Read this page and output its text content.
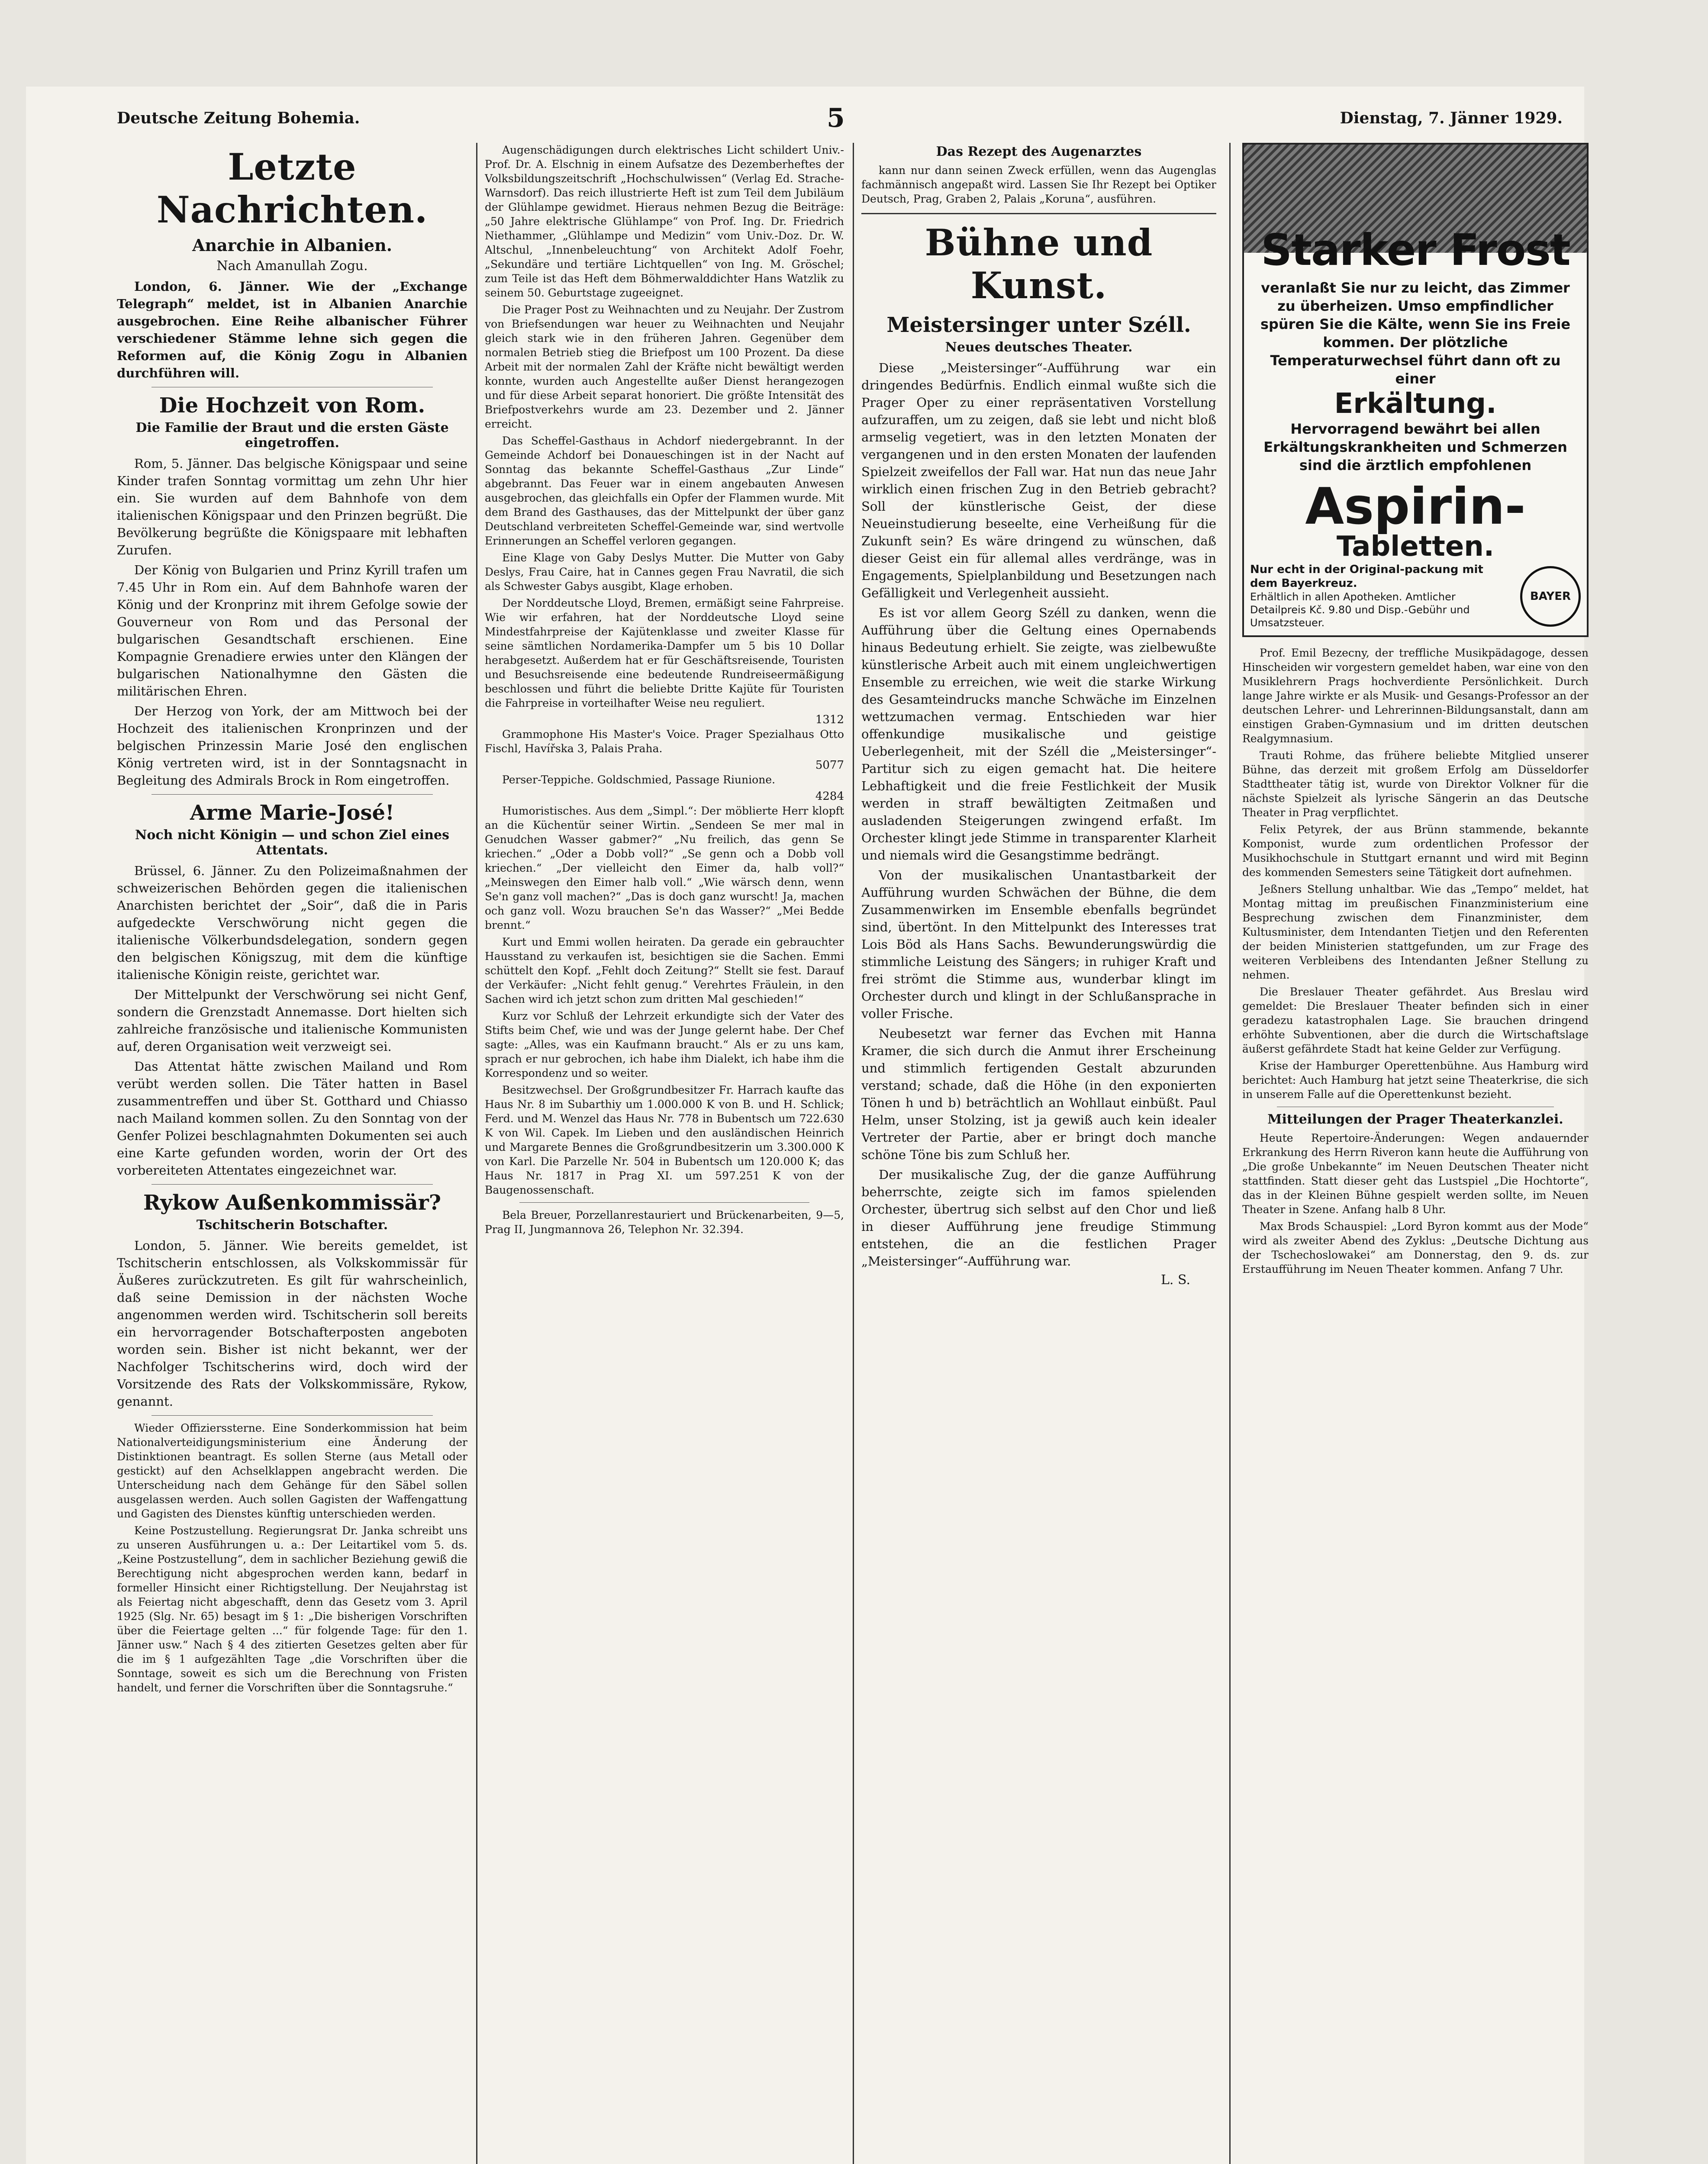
Deutsche Zeitung Bohemia.	5	Dienstag, 7. Jänner 1929.
Letzte Nachrichten.
Anarchie in Albanien.
Nach Amanullah Zogu.

London, 6. Jänner. Wie der „Exchange Telegraph“ meldet, ist in Albanien Anarchie ausgebrochen. Eine Reihe albanischer Führer verschiedener Stämme lehne sich gegen die Reformen auf, die König Zogu in Albanien durchführen will.

Die Hochzeit von Rom.
Die Familie der Braut und die ersten Gäste eingetroffen.

Rom, 5. Jänner. Das belgische Königspaar und seine Kinder trafen Sonntag vormittag um zehn Uhr hier ein. Sie wurden auf dem Bahnhofe von dem italienischen Königspaar und den Prinzen begrüßt. Die Bevölkerung begrüßte die Königspaare mit lebhaften Zurufen.

Der König von Bulgarien und Prinz Kyrill trafen um 7.45 Uhr in Rom ein. Auf dem Bahnhofe waren der König und der Kronprinz mit ihrem Gefolge sowie der Gouverneur von Rom und das Personal der bulgarischen Gesandtschaft erschienen. Eine Kompagnie Grenadiere erwies unter den Klängen der bulgarischen Nationalhymne den Gästen die militärischen Ehren.

Der Herzog von York, der am Mittwoch bei der Hochzeit des italienischen Kronprinzen und der belgischen Prinzessin Marie José den englischen König vertreten wird, ist in der Sonntagsnacht in Begleitung des Admirals Brock in Rom eingetroffen.

Arme Marie-José!
Noch nicht Königin — und schon Ziel eines Attentats.

Brüssel, 6. Jänner. Zu den Polizeimaßnahmen der schweizerischen Behörden gegen die italienischen Anarchisten berichtet der „Soir“, daß die in Paris aufgedeckte Verschwörung nicht gegen die italienische Völkerbundsdelegation, sondern gegen den belgischen Königszug, mit dem die künftige italienische Königin reiste, gerichtet war.

Der Mittelpunkt der Verschwörung sei nicht Genf, sondern die Grenzstadt Annemasse. Dort hielten sich zahlreiche französische und italienische Kommunisten auf, deren Organisation weit verzweigt sei.

Das Attentat hätte zwischen Mailand und Rom verübt werden sollen. Die Täter hatten in Basel zusammentreffen und über St. Gotthard und Chiasso nach Mailand kommen sollen. Zu den Sonntag von der Genfer Polizei beschlagnahmten Dokumenten sei auch eine Karte gefunden worden, worin der Ort des vorbereiteten Attentates eingezeichnet war.

Rykow Außenkommissär?
Tschitscherin Botschafter.

London, 5. Jänner. Wie bereits gemeldet, ist Tschitscherin entschlossen, als Volkskommissär für Äußeres zurückzutreten. Es gilt für wahrscheinlich, daß seine Demission in der nächsten Woche angenommen werden wird. Tschitscherin soll bereits ein hervorragender Botschafterposten angeboten worden sein. Bisher ist nicht bekannt, wer der Nachfolger Tschitscherins wird, doch wird der Vorsitzende des Rats der Volkskommissäre, Rykow, genannt.

Wieder Offizierssterne. Eine Sonderkommission hat beim Nationalverteidigungsministerium eine Änderung der Distinktionen beantragt. Es sollen Sterne (aus Metall oder gestickt) auf den Achselklappen angebracht werden. Die Unterscheidung nach dem Gehänge für den Säbel sollen ausgelassen werden. Auch sollen Gagisten der Waffengattung und Gagisten des Dienstes künftig unterschieden werden.

Keine Postzustellung. Regierungsrat Dr. Janka schreibt uns zu unseren Ausführungen u. a.: Der Leitartikel vom 5. ds. „Keine Postzustellung“, dem in sachlicher Beziehung gewiß die Berechtigung nicht abgesprochen werden kann, bedarf in formeller Hinsicht einer Richtigstellung. Der Neujahrstag ist als Feiertag nicht abgeschafft, denn das Gesetz vom 3. April 1925 (Slg. Nr. 65) besagt im § 1: „Die bisherigen Vorschriften über die Feiertage gelten ...“ für folgende Tage: für den 1. Jänner usw.“ Nach § 4 des zitierten Gesetzes gelten aber für die im § 1 aufgezählten Tage „die Vorschriften über die Sonntage, soweit es sich um die Berechnung von Fristen handelt, und ferner die Vorschriften über die Sonntagsruhe.“

Augenschädigungen durch elektrisches Licht schildert Univ.-Prof. Dr. A. Elschnig in einem Aufsatze des Dezemberheftes der Volksbildungszeitschrift „Hochschulwissen“ (Verlag Ed. Strache-Warnsdorf). Das reich illustrierte Heft ist zum Teil dem Jubiläum der Glühlampe gewidmet. Hieraus nehmen Bezug die Beiträge: „50 Jahre elektrische Glühlampe“ von Prof. Ing. Dr. Friedrich Niethammer, „Glühlampe und Medizin“ vom Univ.-Doz. Dr. W. Altschul, „Innenbeleuchtung“ von Architekt Adolf Foehr, „Sekundäre und tertiäre Lichtquellen“ von Ing. M. Gröschel; zum Teile ist das Heft dem Böhmerwalddichter Hans Watzlik zu seinem 50. Geburtstage zugeeignet.

Die Prager Post zu Weihnachten und zu Neujahr. Der Zustrom von Briefsendungen war heuer zu Weihnachten und Neujahr gleich stark wie in den früheren Jahren. Gegenüber dem normalen Betrieb stieg die Briefpost um 100 Prozent. Da diese Arbeit mit der normalen Zahl der Kräfte nicht bewältigt werden konnte, wurden auch Angestellte außer Dienst herangezogen und für diese Arbeit separat honoriert. Die größte Intensität des Briefpostverkehrs wurde am 23. Dezember und 2. Jänner erreicht.

Das Scheffel-Gasthaus in Achdorf niedergebrannt. In der Gemeinde Achdorf bei Donaueschingen ist in der Nacht auf Sonntag das bekannte Scheffel-Gasthaus „Zur Linde“ abgebrannt. Das Feuer war in einem angebauten Anwesen ausgebrochen, das gleichfalls ein Opfer der Flammen wurde. Mit dem Brand des Gasthauses, das der Mittelpunkt der über ganz Deutschland verbreiteten Scheffel-Gemeinde war, sind wertvolle Erinnerungen an Scheffel verloren gegangen.

Eine Klage von Gaby Deslys Mutter. Die Mutter von Gaby Deslys, Frau Caire, hat in Cannes gegen Frau Navratil, die sich als Schwester Gabys ausgibt, Klage erhoben.

Der Norddeutsche Lloyd, Bremen, ermäßigt seine Fahrpreise. Wie wir erfahren, hat der Norddeutsche Lloyd seine Mindestfahrpreise der Kajütenklasse und zweiter Klasse für seine sämtlichen Nordamerika-Dampfer um 5 bis 10 Dollar herabgesetzt. Außerdem hat er für Geschäftsreisende, Touristen und Besuchsreisende eine bedeutende Rundreiseermäßigung beschlossen und führt die beliebte Dritte Kajüte für Touristen die Fahrpreise in vorteilhafter Weise neu reguliert.

1312

Grammophone His Master's Voice. Prager Spezialhaus Otto Fischl, Havířska 3, Palais Praha.

5077

Perser-Teppiche. Goldschmied, Passage Riunione.

4284

Humoristisches. Aus dem „Simpl.“: Der möblierte Herr klopft an die Küchentür seiner Wirtin. „Sendeen Se mer mal in Genudchen Wasser gabmer?“ „Nu freilich, das genn Se kriechen.“ „Oder a Dobb voll?“ „Se genn och a Dobb voll kriechen.“ „Der vielleicht den Eimer da, halb voll?“ „Meinswegen den Eimer halb voll.“ „Wie wärsch denn, wenn Se'n ganz voll machen?“ „Das is doch ganz wurscht! Ja, machen och ganz voll. Wozu brauchen Se'n das Wasser?“ „Mei Bedde brennt.“

Kurt und Emmi wollen heiraten. Da gerade ein gebrauchter Hausstand zu verkaufen ist, besichtigen sie die Sachen. Emmi schüttelt den Kopf. „Fehlt doch Zeitung?“ Stellt sie fest. Darauf der Verkäufer: „Nicht fehlt genug.“ Verehrtes Fräulein, in den Sachen wird ich jetzt schon zum dritten Mal geschieden!“

Kurz vor Schluß der Lehrzeit erkundigte sich der Vater des Stifts beim Chef, wie und was der Junge gelernt habe. Der Chef sagte: „Alles, was ein Kaufmann braucht.“ Als er zu uns kam, sprach er nur gebrochen, ich habe ihm Dialekt, ich habe ihm die Korrespondenz und so weiter.

Besitzwechsel. Der Großgrundbesitzer Fr. Harrach kaufte das Haus Nr. 8 im Subarthiy um 1.000.000 K von B. und H. Schlick; Ferd. und M. Wenzel das Haus Nr. 778 in Bubentsch um 722.630 K von Wil. Capek. Im Lieben und den ausländischen Heinrich und Margarete Bennes die Großgrundbesitzerin um 3.300.000 K von Karl. Die Parzelle Nr. 504 in Bubentsch um 120.000 K; das Haus Nr. 1817 in Prag XI. um 597.251 K von der Baugenossenschaft.

Bela Breuer, Porzellanrestauriert und Brückenarbeiten, 9—5, Prag II, Jungmannova 26, Telephon Nr. 32.394.

Das Rezept des Augenarztes

kann nur dann seinen Zweck erfüllen, wenn das Augenglas fachmännisch angepaßt wird. Lassen Sie Ihr Rezept bei Optiker Deutsch, Prag, Graben 2, Palais „Koruna“, ausführen.

Bühne und Kunst.
Meistersinger unter Széll.
Neues deutsches Theater.

Diese „Meistersinger“-Aufführung war ein dringendes Bedürfnis. Endlich einmal wußte sich die Prager Oper zu einer repräsentativen Vorstellung aufzuraffen, um zu zeigen, daß sie lebt und nicht bloß armselig vegetiert, was in den letzten Monaten der vergangenen und in den ersten Monaten der laufenden Spielzeit zweifellos der Fall war. Hat nun das neue Jahr wirklich einen frischen Zug in den Betrieb gebracht? Soll der künstlerische Geist, der diese Neueinstudierung beseelte, eine Verheißung für die Zukunft sein? Es wäre dringend zu wünschen, daß dieser Geist ein für allemal alles verdränge, was in Engagements, Spielplanbildung und Besetzungen nach Gefälligkeit und Verlegenheit aussieht.

Es ist vor allem Georg Széll zu danken, wenn die Aufführung über die Geltung eines Opernabends hinaus Bedeutung erhielt. Sie zeigte, was zielbewußte künstlerische Arbeit auch mit einem ungleichwertigen Ensemble zu erreichen, wie weit die starke Wirkung des Gesamteindrucks manche Schwäche im Einzelnen wettzumachen vermag. Entschieden war hier offenkundige musikalische und geistige Ueberlegenheit, mit der Széll die „Meistersinger“-Partitur sich zu eigen gemacht hat. Die heitere Lebhaftigkeit und die freie Festlichkeit der Musik werden in straff bewältigten Zeitmaßen und ausladenden Steigerungen zwingend erfaßt. Im Orchester klingt jede Stimme in transparenter Klarheit und niemals wird die Gesangstimme bedrängt.

Von der musikalischen Unantastbarkeit der Aufführung wurden Schwächen der Bühne, die dem Zusammenwirken im Ensemble ebenfalls begründet sind, übertönt. In den Mittelpunkt des Interesses trat Lois Böd als Hans Sachs. Bewunderungswürdig die stimmliche Leistung des Sängers; in ruhiger Kraft und frei strömt die Stimme aus, wunderbar klingt im Orchester durch und klingt in der Schlußansprache in voller Frische.

Neubesetzt war ferner das Evchen mit Hanna Kramer, die sich durch die Anmut ihrer Erscheinung und stimmlich fertigenden Gestalt abzurunden verstand; schade, daß die Höhe (in den exponierten Tönen h und b) beträchtlich an Wohllaut einbüßt. Paul Helm, unser Stolzing, ist ja gewiß auch kein idealer Vertreter der Partie, aber er bringt doch manche schöne Töne bis zum Schluß her.

Der musikalische Zug, der die ganze Aufführung beherrschte, zeigte sich im famos spielenden Orchester, übertrug sich selbst auf den Chor und ließ in dieser Aufführung jene freudige Stimmung entstehen, die an die festlichen Prager „Meistersinger“-Aufführung war.

L. S.
Starker Frost
veranlaßt Sie nur zu leicht, das Zimmer zu überheizen. Umso empfindlicher spüren Sie die Kälte, wenn Sie ins Freie kommen. Der plötzliche Temperaturwechsel führt dann oft zu einer
Erkältung.
Hervorragend bewährt bei allen Erkältungskrankheiten und Schmerzen sind die ärztlich empfohlenen
Aspirin-
Tabletten.
Nur echt in der Original-packung mit dem Bayerkreuz.
Erhältlich in allen Apotheken. Amtlicher Detailpreis Kč. 9.80 und Disp.-Gebühr und Umsatzsteuer.
BAYER

Prof. Emil Bezecny, der treffliche Musikpädagoge, dessen Hinscheiden wir vorgestern gemeldet haben, war eine von den Musiklehrern Prags hochverdiente Persönlichkeit. Durch lange Jahre wirkte er als Musik- und Gesangs-Professor an der deutschen Lehrer- und Lehrerinnen-Bildungsanstalt, dann am einstigen Graben-Gymnasium und im dritten deutschen Realgymnasium.

Trauti Rohme, das frühere beliebte Mitglied unserer Bühne, das derzeit mit großem Erfolg am Düsseldorfer Stadttheater tätig ist, wurde von Direktor Volkner für die nächste Spielzeit als lyrische Sängerin an das Deutsche Theater in Prag verpflichtet.

Felix Petyrek, der aus Brünn stammende, bekannte Komponist, wurde zum ordentlichen Professor der Musikhochschule in Stuttgart ernannt und wird mit Beginn des kommenden Semesters seine Tätigkeit dort aufnehmen.

Jeßners Stellung unhaltbar. Wie das „Tempo“ meldet, hat Montag mittag im preußischen Finanzministerium eine Besprechung zwischen dem Finanzminister, dem Kultusminister, dem Intendanten Tietjen und den Referenten der beiden Ministerien stattgefunden, um zur Frage des weiteren Verbleibens des Intendanten Jeßner Stellung zu nehmen.

Die Breslauer Theater gefährdet. Aus Breslau wird gemeldet: Die Breslauer Theater befinden sich in einer geradezu katastrophalen Lage. Sie brauchen dringend erhöhte Subventionen, aber die durch die Wirtschaftslage äußerst gefährdete Stadt hat keine Gelder zur Verfügung.

Krise der Hamburger Operettenbühne. Aus Hamburg wird berichtet: Auch Hamburg hat jetzt seine Theaterkrise, die sich in unserem Falle auf die Operettenkunst bezieht.

Mitteilungen der Prager Theaterkanzlei.

Heute Repertoire-Änderungen: Wegen andauernder Erkrankung des Herrn Riveron kann heute die Aufführung von „Die große Unbekannte“ im Neuen Deutschen Theater nicht stattfinden. Statt dieser geht das Lustspiel „Die Hochtorte“, das in der Kleinen Bühne gespielt werden sollte, im Neuen Theater in Szene. Anfang halb 8 Uhr.

Max Brods Schauspiel: „Lord Byron kommt aus der Mode“ wird als zweiter Abend des Zyklus: „Deutsche Dichtung aus der Tschechoslowakei“ am Donnerstag, den 9. ds. zur Erstaufführung im Neuen Theater kommen. Anfang 7 Uhr.
